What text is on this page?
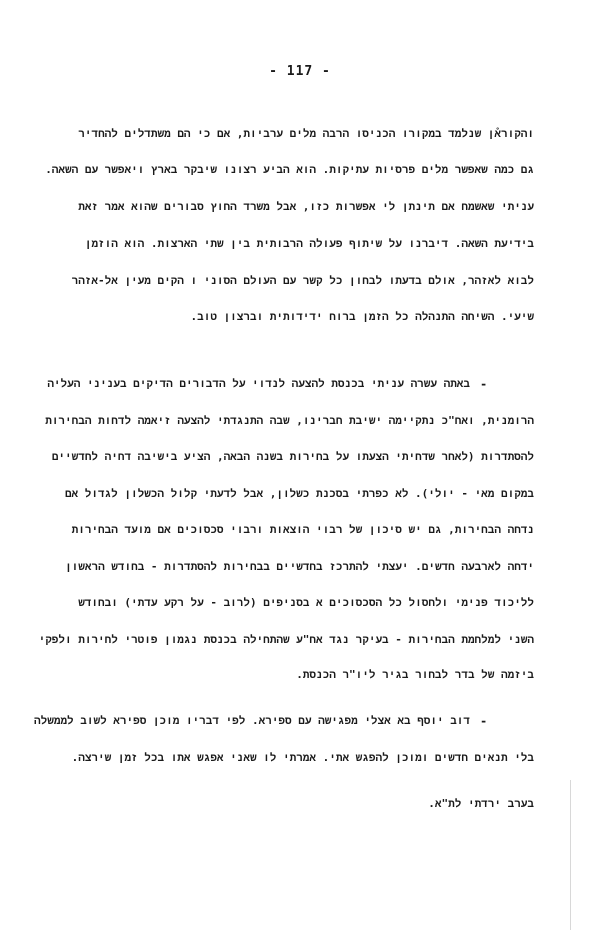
- 117 -
והקורא֯ן שנלמד במקורו הכניסו הרבה מלים ערביות, אם כי הם משתדלים להחדיר
גם כמה שאפשר מלים פרסיות עתיקות. הוא הביע רצונו שיבקר בארץ ויאפשר עם השאה.
עניתי שאשמח אם תינתן לי אפשרות כזו, אבל משרד החוץ סבורים שהוא אמר זאת
בידיעת השאה. דיברנו על שיתוף פעולה הרבותית בין שתי הארצות. הוא הוזמן
לבוא לאזהר, אולם בדעתו לבחון כל קשר עם העולם הסוני ו הקים מעין אל-אזהר
שיעי. השיחה התנהלה כל הזמן ברוח ידידותית וברצון טוב.
-
באתה עשרה עניתי בכנסת להצעה לנדוי על הדבורים הדיקים בעניני העליה
הרומנית, ואח"כ נתקיימה ישיבת חברינו, שבה התנגדתי להצעה זיאמה לדחות הבחירות
להסתדרות (לאחר שדחיתי הצעתו על בחירות בשנה הבאה, הציע בישיבה דחיה לחדשיים
במקום מאי - יולי). לא כפרתי בסכנת כשלון, אבל לדעתי קלול הכשלון לגדול אם
נדחה הבחירות, גם יש סיכון של רבוי הוצאות ורבוי סכסוכים אם מועד הבחירות
ידחה לארבעה חדשים. יעצתי להתרכז בחדשיים בבחירות להסתדרות - בחודש הראשון
לליכוד פנימי ולחסול כל הסכסוכים א בסניפים (לרוב - על רקע עדתי) ובחודש
השני למלחמת הבחירות - בעיקר נגד אח"ע שהתחילה בכנסת נגמון פוטרי לחירות ולפקי
ביזמה של בדר לבחור בגיר ליו"ר הכנסת.
-
דוב יוסף בא אצלי מפגישה עם ספירא. לפי דבריו מוכן ספירא לשוב לממשלה
בלי תנאים חדשים ומוכן להפגש אתי. אמרתי לו שאני אפגש אתו בכל זמן שירצה.
בערב ירדתי לת"א.
